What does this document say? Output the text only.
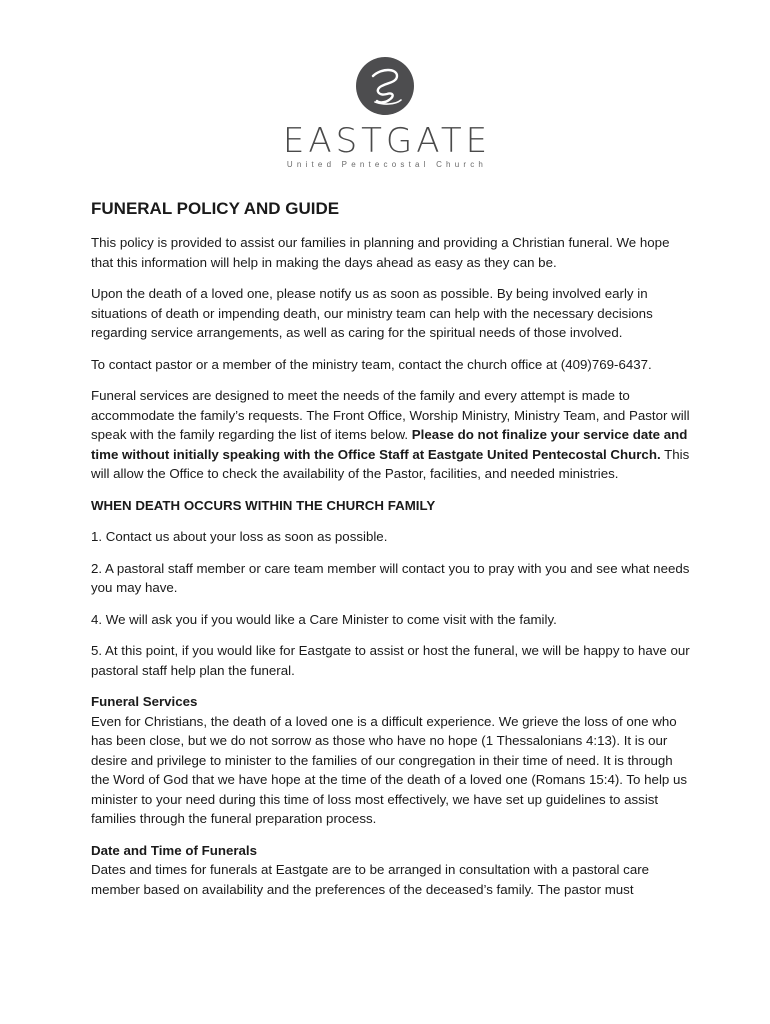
EASTGATE
United Pentecostal Church
FUNERAL POLICY AND GUIDE

This policy is provided to assist our families in planning and providing a Christian funeral. We hope that this information will help in making the days ahead as easy as they can be.

Upon the death of a loved one, please notify us as soon as possible. By being involved early in situations of death or impending death, our ministry team can help with the necessary decisions regarding service arrangements, as well as caring for the spiritual needs of those involved.

To contact pastor or a member of the ministry team, contact the church office at (409)769-6437.

Funeral services are designed to meet the needs of the family and every attempt is made to accommodate the family’s requests. The Front Office, Worship Ministry, Ministry Team, and Pastor will speak with the family regarding the list of items below. Please do not finalize your service date and time without initially speaking with the Office Staff at Eastgate United Pentecostal Church. This will allow the Office to check the availability of the Pastor, facilities, and needed ministries.

WHEN DEATH OCCURS WITHIN THE CHURCH FAMILY

1. Contact us about your loss as soon as possible.

2. A pastoral staff member or care team member will contact you to pray with you and see what needs you may have.

4. We will ask you if you would like a Care Minister to come visit with the family.

5. At this point, if you would like for Eastgate to assist or host the funeral, we will be happy to have our pastoral staff help plan the funeral.

Funeral Services
Even for Christians, the death of a loved one is a difficult experience. We grieve the loss of one who has been close, but we do not sorrow as those who have no hope (1 Thessalonians 4:13). It is our desire and privilege to minister to the families of our congregation in their time of need. It is through the Word of God that we have hope at the time of the death of a loved one (Romans 15:4). To help us minister to your need during this time of loss most effectively, we have set up guidelines to assist families through the funeral preparation process.

Date and Time of Funerals
Dates and times for funerals at Eastgate are to be arranged in consultation with a pastoral care member based on availability and the preferences of the deceased’s family. The pastor must
